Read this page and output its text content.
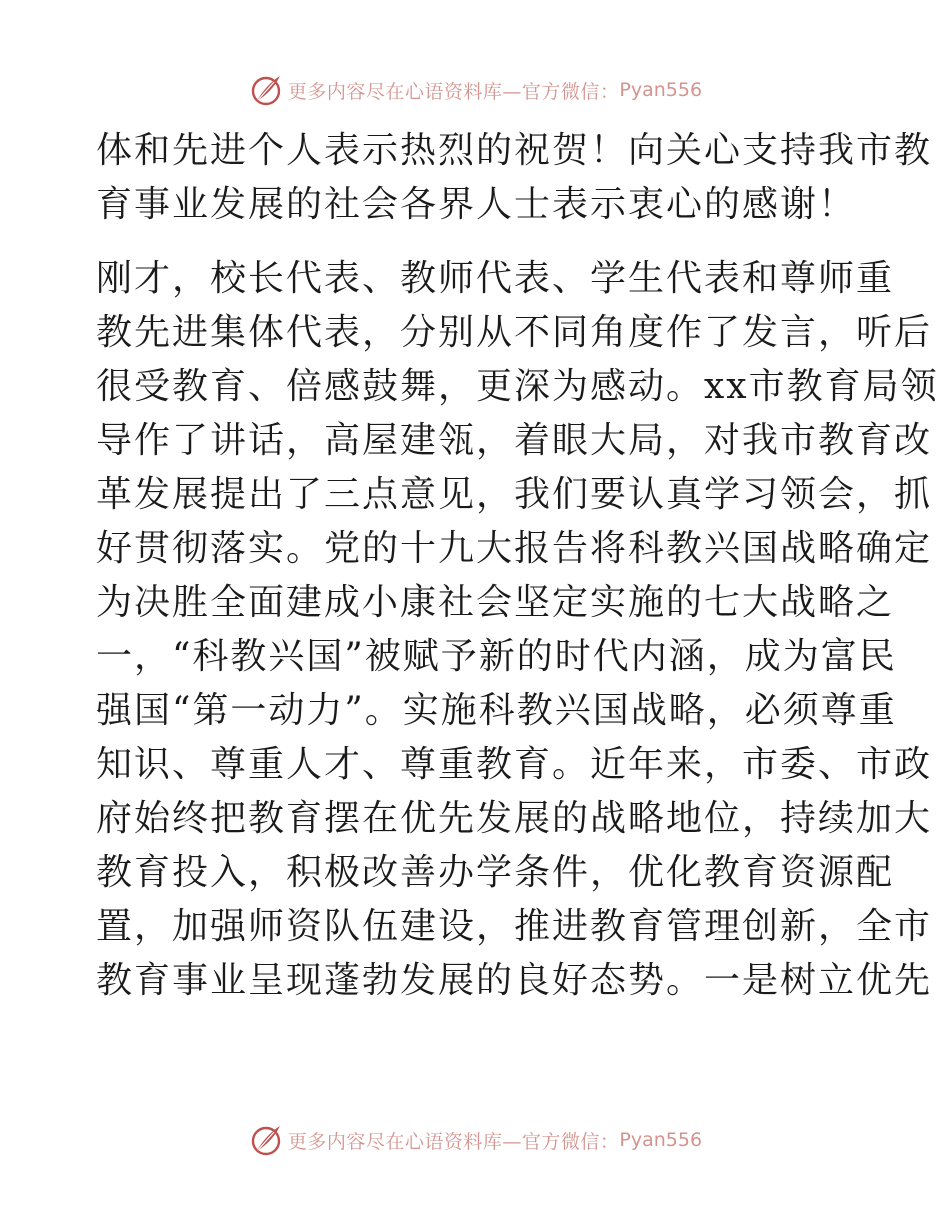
更多内容尽在心语资料库—官方微信： Pyan556
体和先进个人表示热烈的祝贺！向关心支持我市教
育事业发展的社会各界人士表示衷心的感谢！
刚才，校长代表、教师代表、学生代表和尊师重
教先进集体代表，分别从不同角度作了发言，听后
很受教育、倍感鼓舞，更深为感动。xx市教育局领
导作了讲话，高屋建瓴，着眼大局，对我市教育改
革发展提出了三点意见，我们要认真学习领会，抓
好贯彻落实。党的十九大报告将科教兴国战略确定
为决胜全面建成小康社会坚定实施的七大战略之
一，“科教兴国”被赋予新的时代内涵，成为富民
强国“第一动力”。实施科教兴国战略，必须尊重
知识、尊重人才、尊重教育。近年来，市委、市政
府始终把教育摆在优先发展的战略地位，持续加大
教育投入，积极改善办学条件，优化教育资源配
置，加强师资队伍建设，推进教育管理创新，全市
教育事业呈现蓬勃发展的良好态势。一是树立优先
更多内容尽在心语资料库—官方微信： Pyan556
